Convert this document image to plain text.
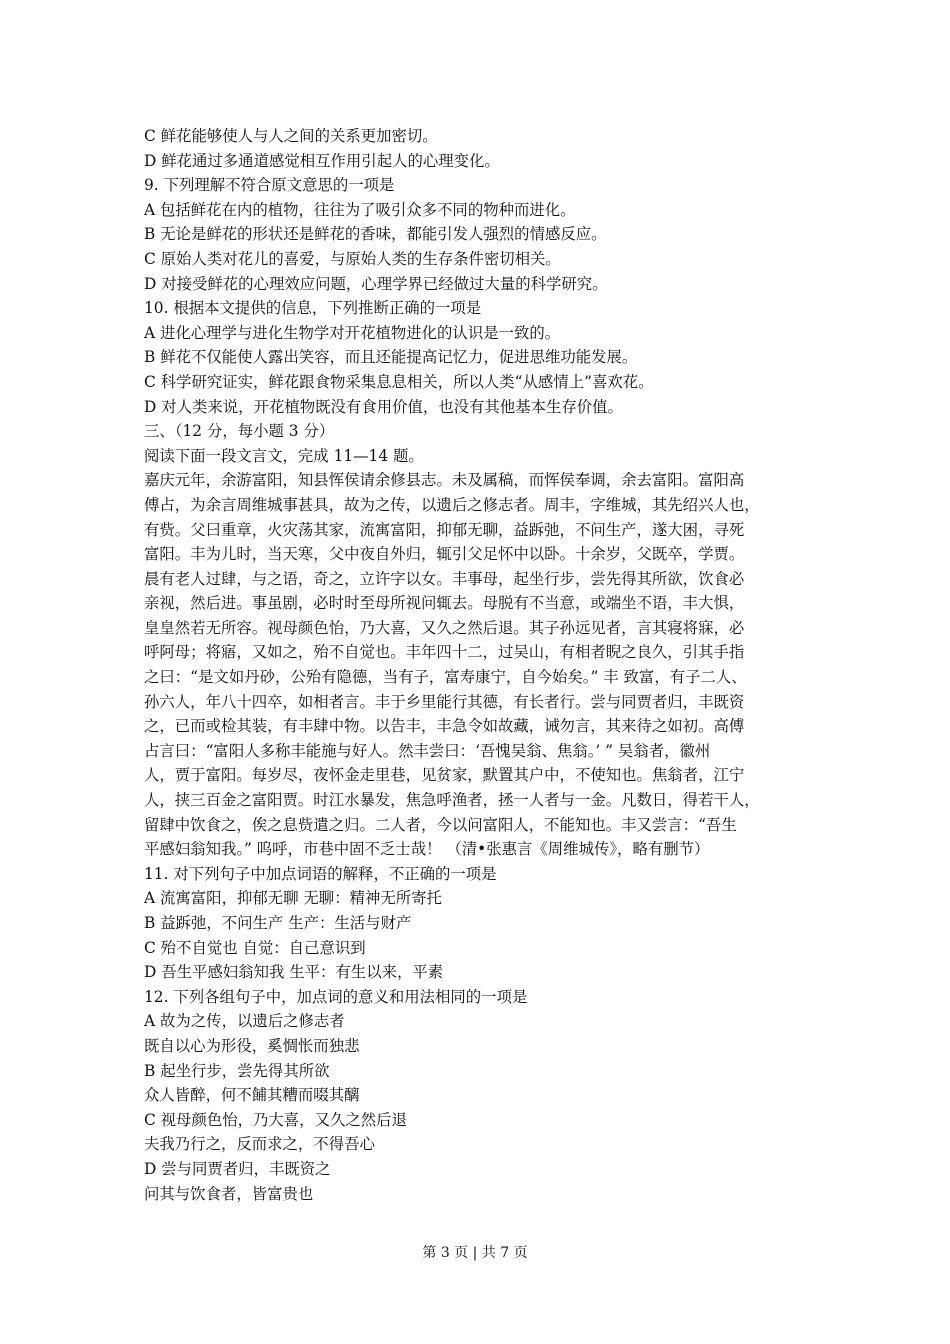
C 鲜花能够使人与人之间的关系更加密切。
D 鲜花通过多通道感觉相互作用引起人的心理变化。
9. 下列理解不符合原文意思的一项是
A 包括鲜花在内的植物，往往为了吸引众多不同的物种而进化。
B 无论是鲜花的形状还是鲜花的香味，都能引发人强烈的情感反应。
C 原始人类对花儿的喜爱，与原始人类的生存条件密切相关。
D 对接受鲜花的心理效应问题，心理学界已经做过大量的科学研究。
10. 根据本文提供的信息，下列推断正确的一项是
A 进化心理学与进化生物学对开花植物进化的认识是一致的。
B 鲜花不仅能使人露出笑容，而且还能提高记忆力，促进思维功能发展。
C 科学研究证实，鲜花跟食物采集息息相关，所以人类“从感情上”喜欢花。
D 对人类来说，开花植物既没有食用价值，也没有其他基本生存价值。
三、（12 分，每小题 3 分）
阅读下面一段文言文，完成 11—14 题。
嘉庆元年，余游富阳，知县恽侯请余修县志。未及属稿，而恽侯奉调，余去富阳。富阳高
傅占，为余言周维城事甚具，故为之传，以遗后之修志者。周丰，字维城，其先绍兴人也，
有赀。父曰重章，火灾荡其家，流寓富阳，抑郁无聊，益跅弛，不问生产，遂大困，寻死
富阳。丰为儿时，当天寒，父中夜自外归，辄引父足怀中以卧。十余岁，父既卒，学贾。
晨有老人过肆，与之语，奇之，立许字以女。丰事母，起坐行步，尝先得其所欲，饮食必
亲视，然后进。事虽剧，必时时至母所视问辄去。母脱有不当意，或端坐不语，丰大惧，
皇皇然若无所容。视母颜色怡，乃大喜，又久之然后退。其子孙远见者，言其寝将寐，必
呼阿母；将寤，又如之，殆不自觉也。丰年四十二，过吴山，有相者睨之良久，引其手指
之曰：“是文如丹砂，公殆有隐德，当有子，富寿康宁，自今始矣。” 丰 致富，有子二人、
孙六人，年八十四卒，如相者言。丰于乡里能行其德，有长者行。尝与同贾者归，丰既资
之，已而或检其装，有丰肆中物。以告丰，丰急令如故藏，诫勿言，其来待之如初。高傅
占言曰：“富阳人多称丰能施与好人。然丰尝曰：‘吾愧吴翁、焦翁。’ ” 吴翁者，徽州
人，贾于富阳。每岁尽，夜怀金走里巷，见贫家，默置其户中，不使知也。焦翁者，江宁
人，挟三百金之富阳贾。时江水暴发，焦急呼渔者，拯一人者与一金。凡数日，得若干人，
留肆中饮食之，俟之息赀遣之归。二人者，今以问富阳人，不能知也。丰又尝言：“吾生
平感妇翁知我。” 呜呼，市巷中固不乏士哉！ （清•张惠言《周维城传》，略有删节）
11. 对下列句子中加点词语的解释，不正确的一项是
A 流寓富阳，抑郁无聊 无聊：精神无所寄托
B 益跅弛，不问生产 生产：生活与财产
C 殆不自觉也 自觉：自己意识到
D 吾生平感妇翁知我 生平：有生以来，平素
12. 下列各组句子中，加点词的意义和用法相同的一项是
A 故为之传，以遗后之修志者
既自以心为形役，奚惆怅而独悲
B 起坐行步，尝先得其所欲
众人皆醉，何不餔其糟而啜其醨
C 视母颜色怡，乃大喜，又久之然后退
夫我乃行之，反而求之，不得吾心
D 尝与同贾者归，丰既资之
问其与饮食者，皆富贵也
第 3 页 | 共 7 页
